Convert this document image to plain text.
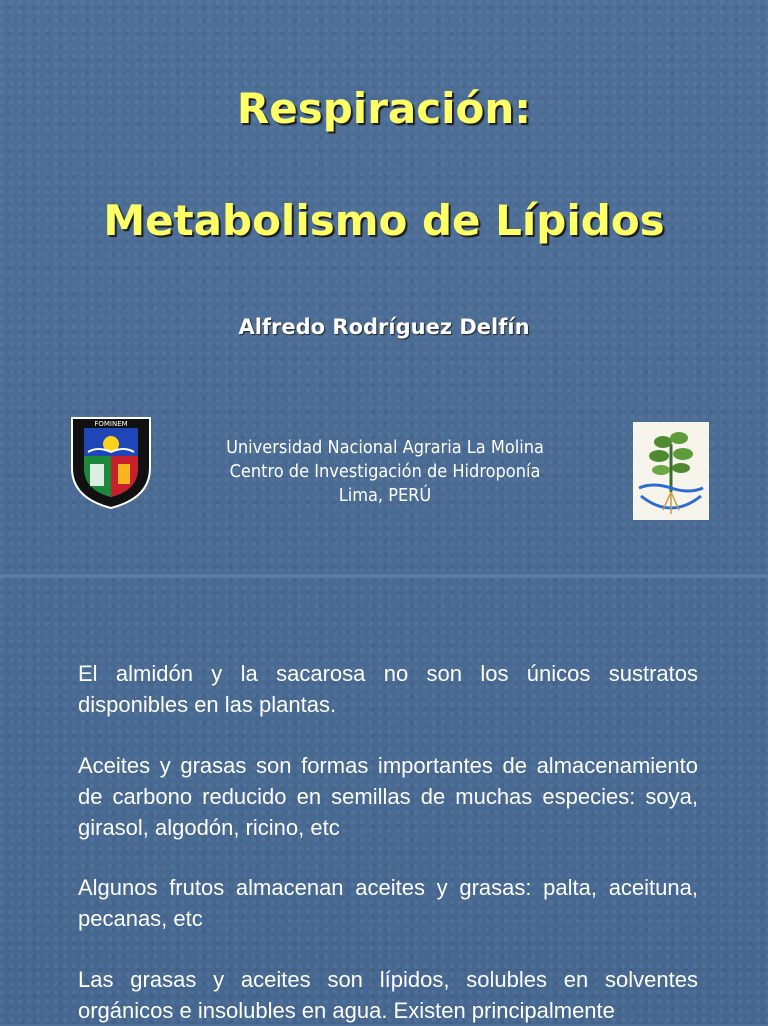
Respiración:
Metabolismo de Lípidos
Alfredo Rodríguez Delfín
FOMINEM
Universidad Nacional Agraria La Molina
Centro de Investigación de Hidroponía
Lima, PERÚ
El almidón y la sacarosa no son los únicos sustratos disponibles en las plantas.
Aceites y grasas son formas importantes de almacenamiento de carbono reducido en semillas de muchas especies: soya, girasol, algodón, ricino, etc
Algunos frutos almacenan aceites y grasas: palta, aceituna, pecanas, etc
Las grasas y aceites son lípidos, solubles en solventes orgánicos e insolubles en agua. Existen principalmente
